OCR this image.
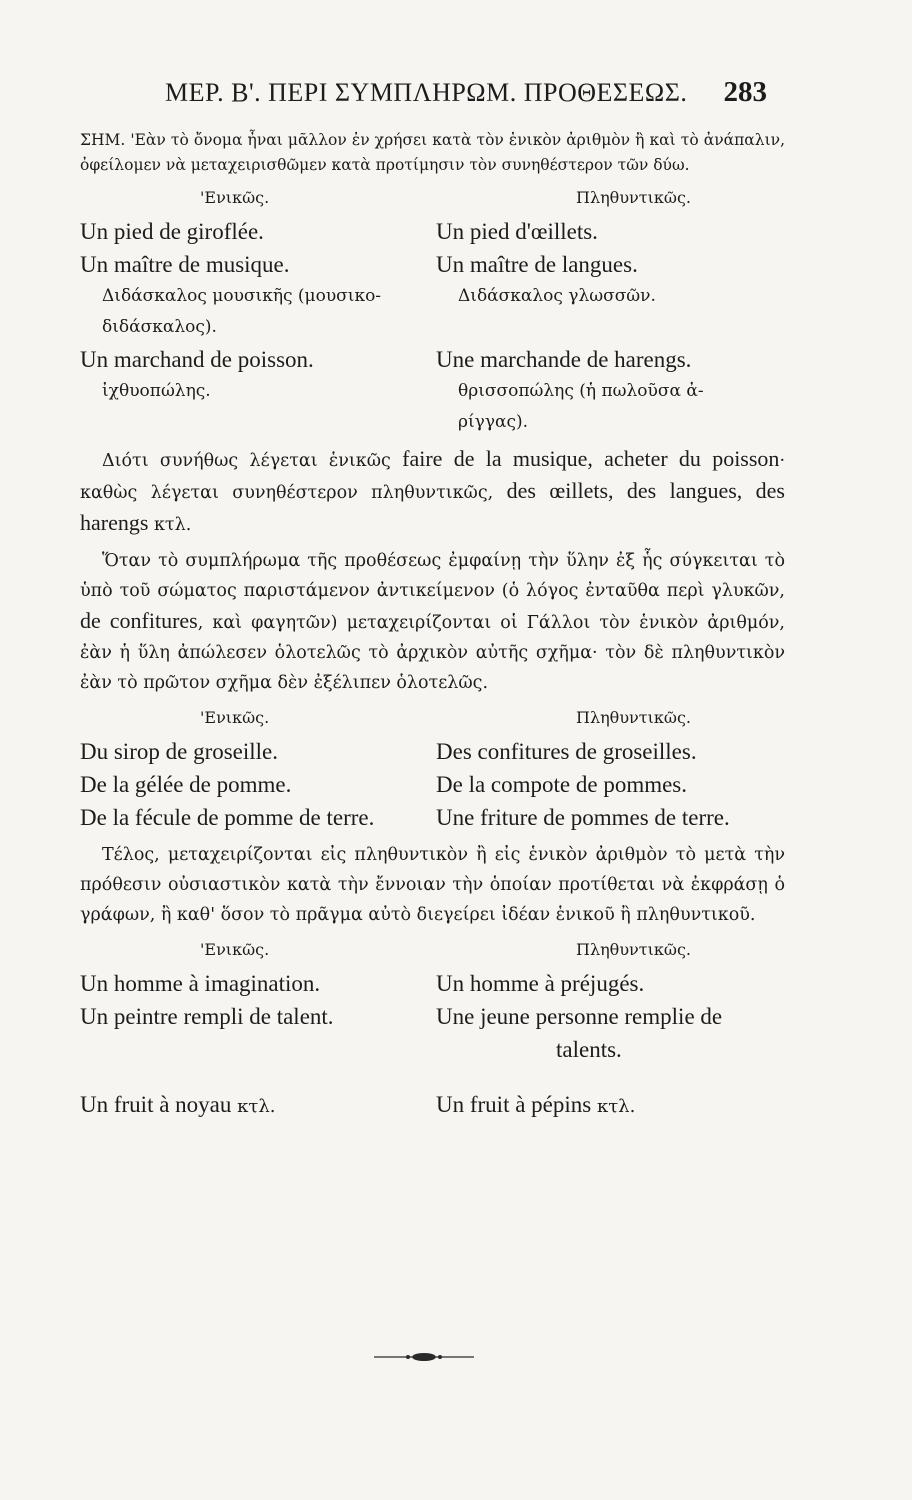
ΜΕΡ. Β'. ΠΕΡΙ ΣΥΜΠΛΗΡΩΜ. ΠΡΟΘΕΣΕΩΣ. 283

ΣΗΜ. 'Εὰν τὸ ὄνομα ἦναι μᾶλλον ἐν χρήσει κατὰ τὸν ἑνικὸν ἀριθμὸν ἢ καὶ τὸ ἀνάπαλιν, ὀφείλομεν νὰ μεταχειρισθῶμεν κατὰ προτίμησιν τὸν συνηθέστερον τῶν δύω.

'Ενικῶς.	Πληθυντικῶς.
Un pied de giroflée.	Un pied d'œillets.
Un maître de musique.	Un maître de langues.
Διδάσκαλος μουσικῆς (μουσικο-	Διδάσκαλος γλωσσῶν.
διδάσκαλος).
Un marchand de poisson.	Une marchande de harengs.
ἰχθυοπώλης.	θρισσοπώλης (ἡ πωλοῦσα ἀ-
ρίγγας).

Διότι συνήθως λέγεται ἑνικῶς faire de la musique, acheter du poisson· καθὼς λέγεται συνηθέστερον πληθυντικῶς, des œillets, des langues, des harengs κτλ.

Ὅταν τὸ συμπλήρωμα τῆς προθέσεως ἐμφαίνῃ τὴν ὕλην ἐξ ἧς σύγκειται τὸ ὑπὸ τοῦ σώματος παριστάμενον ἀντικείμενον (ὁ λόγος ἐνταῦθα περὶ γλυκῶν, de confitures, καὶ φαγητῶν) μεταχειρίζονται οἱ Γάλλοι τὸν ἑνικὸν ἀριθμόν, ἐὰν ἡ ὕλη ἀπώλεσεν ὁλοτελῶς τὸ ἀρχικὸν αὐτῆς σχῆμα· τὸν δὲ πληθυντικὸν ἐὰν τὸ πρῶτον σχῆμα δὲν ἐξέλιπεν ὁλοτελῶς.

'Ενικῶς.	Πληθυντικῶς.
Du sirop de groseille.	Des confitures de groseilles.
De la gélée de pomme.	De la compote de pommes.
De la fécule de pomme de terre.	Une friture de pommes de terre.

Τέλος, μεταχειρίζονται εἰς πληθυντικὸν ἢ εἰς ἑνικὸν ἀριθμὸν τὸ μετὰ τὴν πρόθεσιν οὐσιαστικὸν κατὰ τὴν ἔννοιαν τὴν ὁποίαν προτίθεται νὰ ἐκφράσῃ ὁ γράφων, ἢ καθ' ὅσον τὸ πρᾶγμα αὐτὸ διεγείρει ἰδέαν ἑνικοῦ ἢ πληθυντικοῦ.

'Ενικῶς.	Πληθυντικῶς.
Un homme à imagination.	Un homme à préjugés.
Un peintre rempli de talent.	Une jeune personne remplie de
talents.
Un fruit à noyau κτλ.	Un fruit à pépins κτλ.
